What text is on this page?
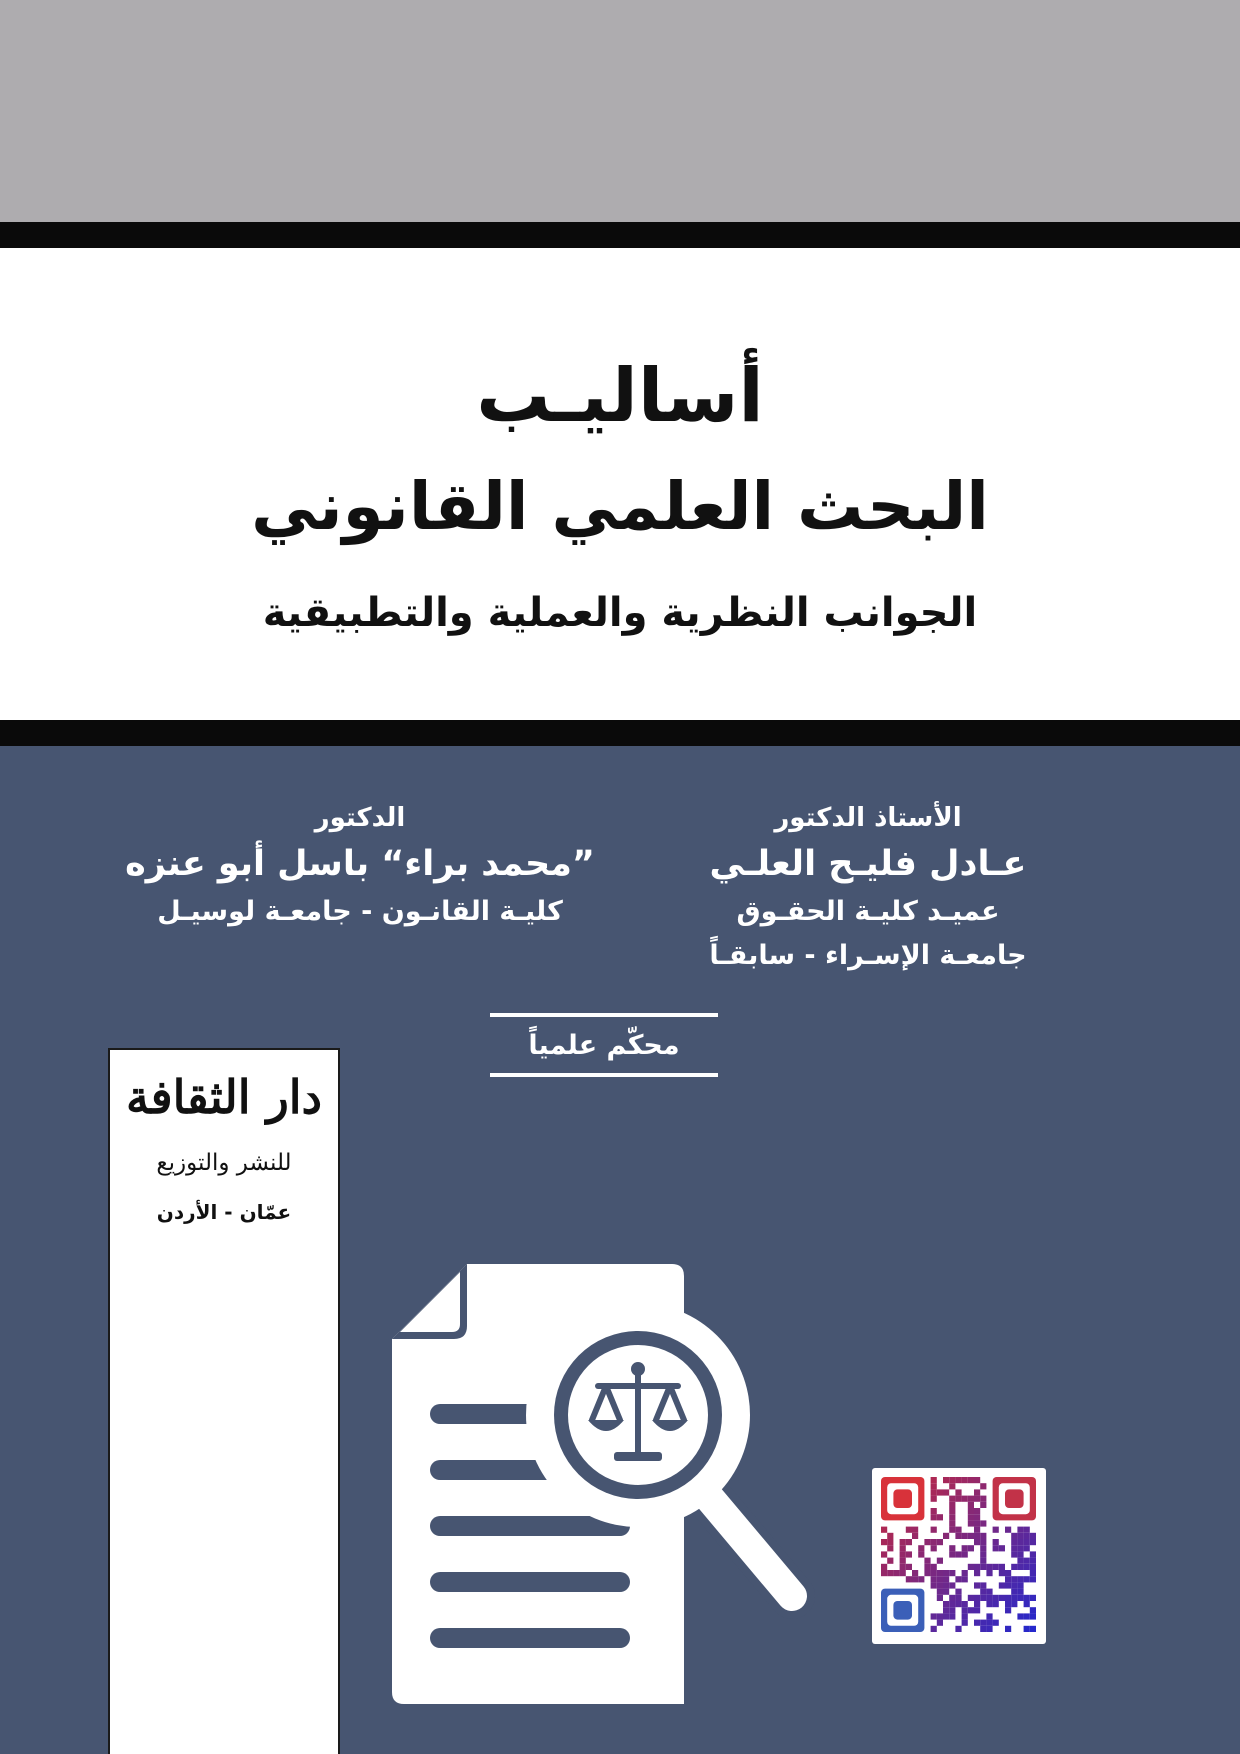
أساليـب
البحث العلمي القانوني
الجوانب النظرية والعملية والتطبيقية
الأستاذ الدكتور
عـادل فليـح العلـي
عميـد كليـة الحقـوق
جامعـة الإسـراء - سابقـاً
الدكتور
”محمد براء“ باسل أبو عنزه
كليـة القانـون - جامعـة لوسيـل
محكّم علمياً
دار الثقافة
للنشر والتوزيع
عمّان - الأردن
